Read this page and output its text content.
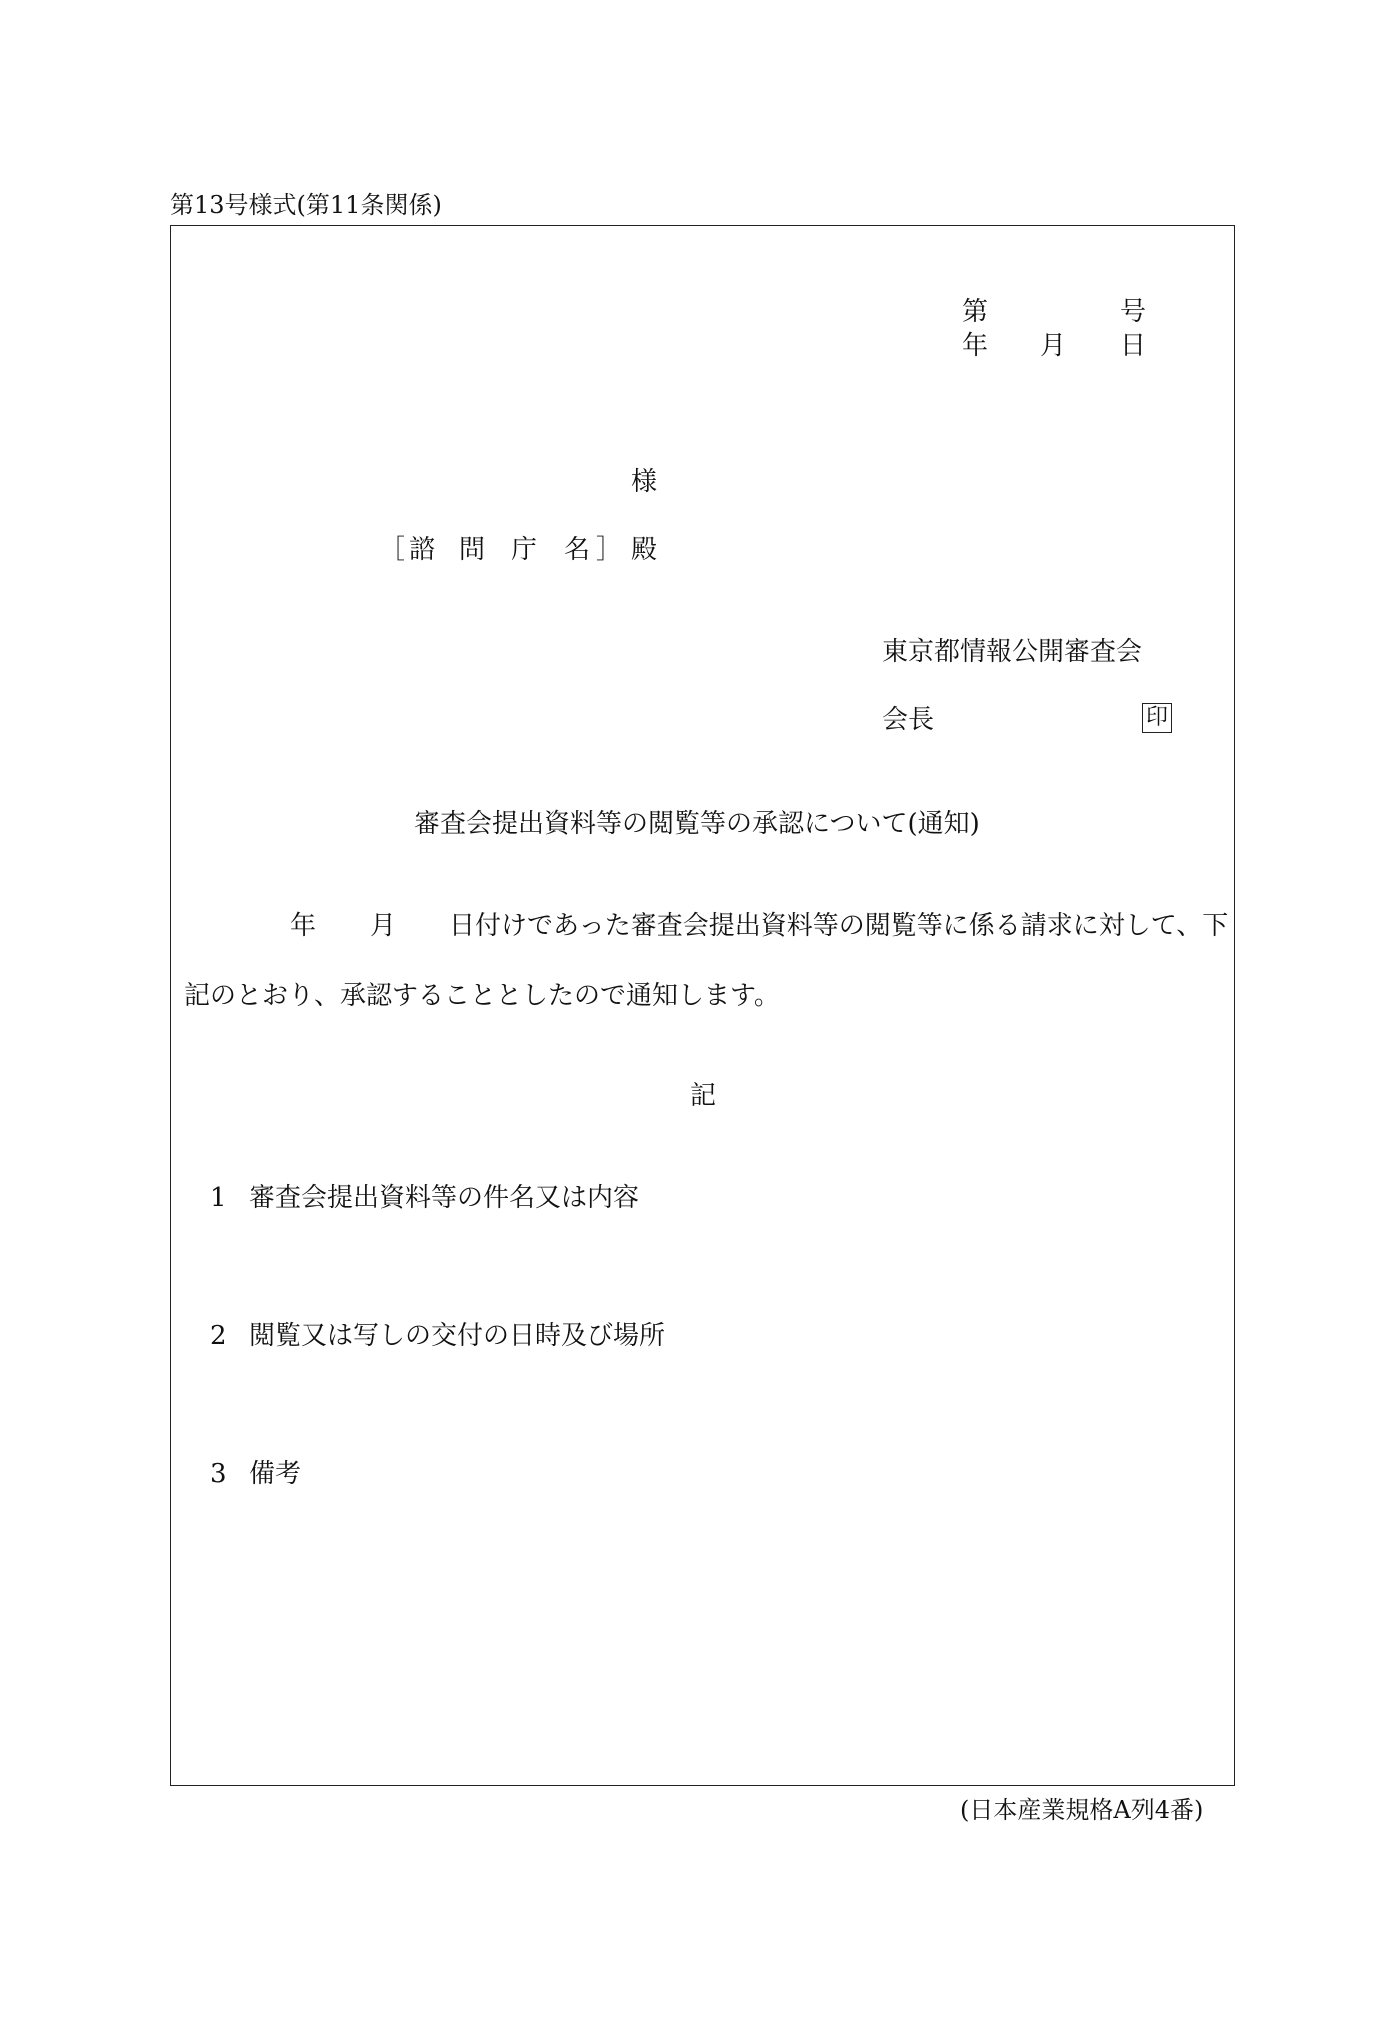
第13号様式(第11条関係)
第	号
年 月 日
様
［ 諮 問 庁 名 ］ 殿
東京都情報公開審査会
会長	印
審査会提出資料等の閲覧等の承認について(通知)
年 月 日付けであった審査会提出資料等の閲覧等に係る請求に対して、下
記のとおり、承認することとしたので通知します。
記
1 審査会提出資料等の件名又は内容
2 閲覧又は写しの交付の日時及び場所
3 備考
(日本産業規格A列4番)
